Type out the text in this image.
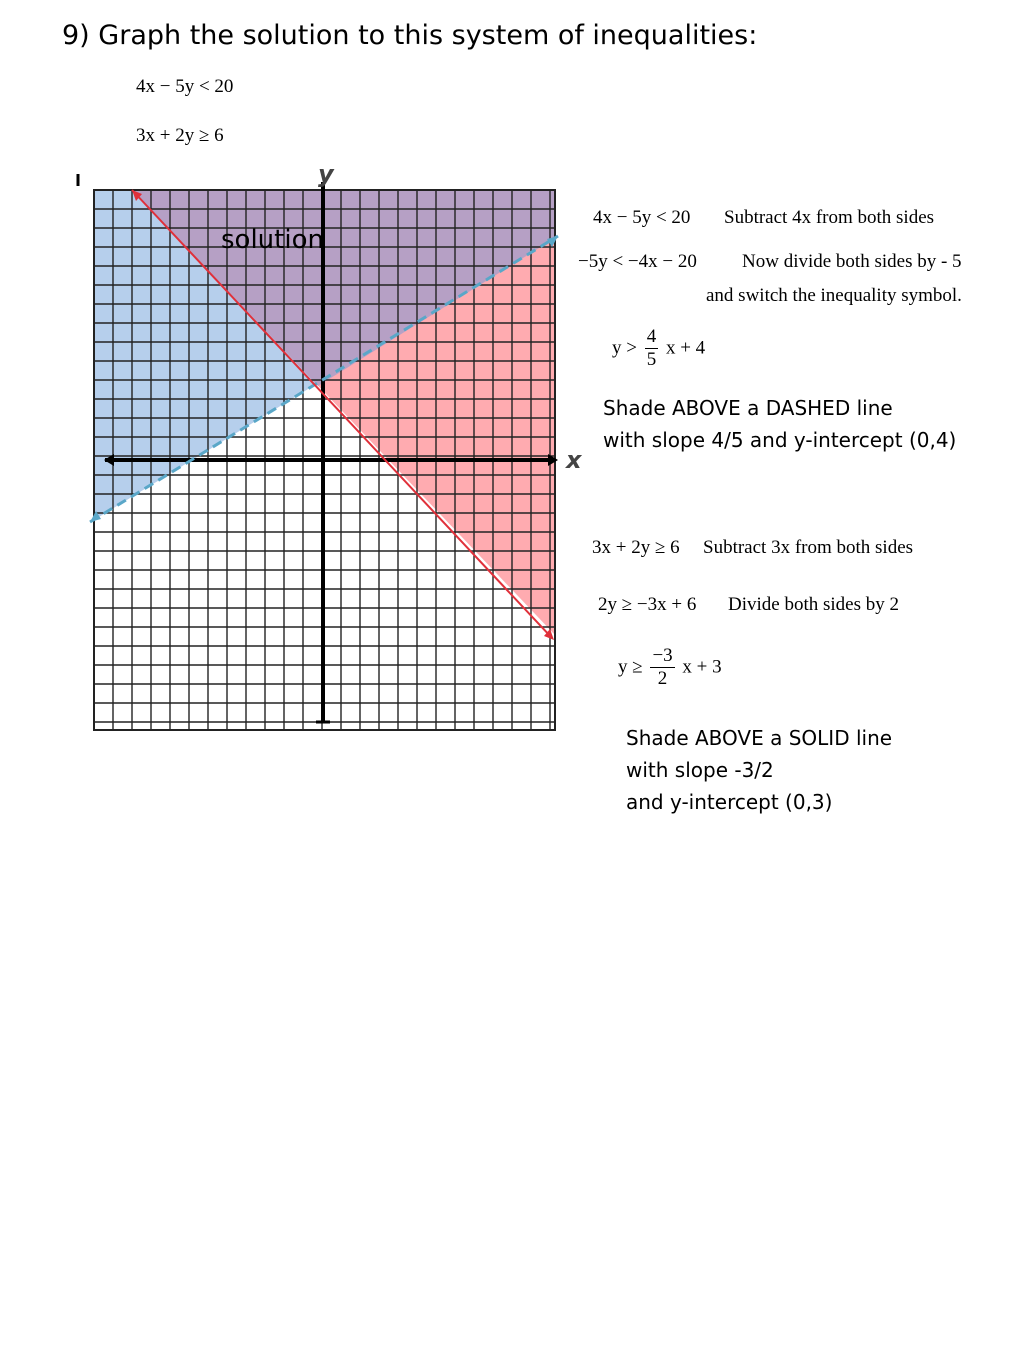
9) Graph the solution to this system of inequalities:
4x − 5y < 20
3x + 2y ≥ 6
y
x
solution
4x − 5y < 20 Subtract 4x from both sides
−5y < −4x − 20 Now divide both sides by - 5
and switch the inequality symbol.
$y > \frac{4}{5}$ x + 4
Shade ABOVE a DASHED line
with slope 4/5 and y-intercept (0,4)
3x + 2y ≥ 6 Subtract 3x from both sides
2y ≥ −3x + 6 Divide both sides by 2
$y \ge \frac{-3}{2}$ x + 3
Shade ABOVE a SOLID line
with slope -3/2
and y-intercept (0,3)
